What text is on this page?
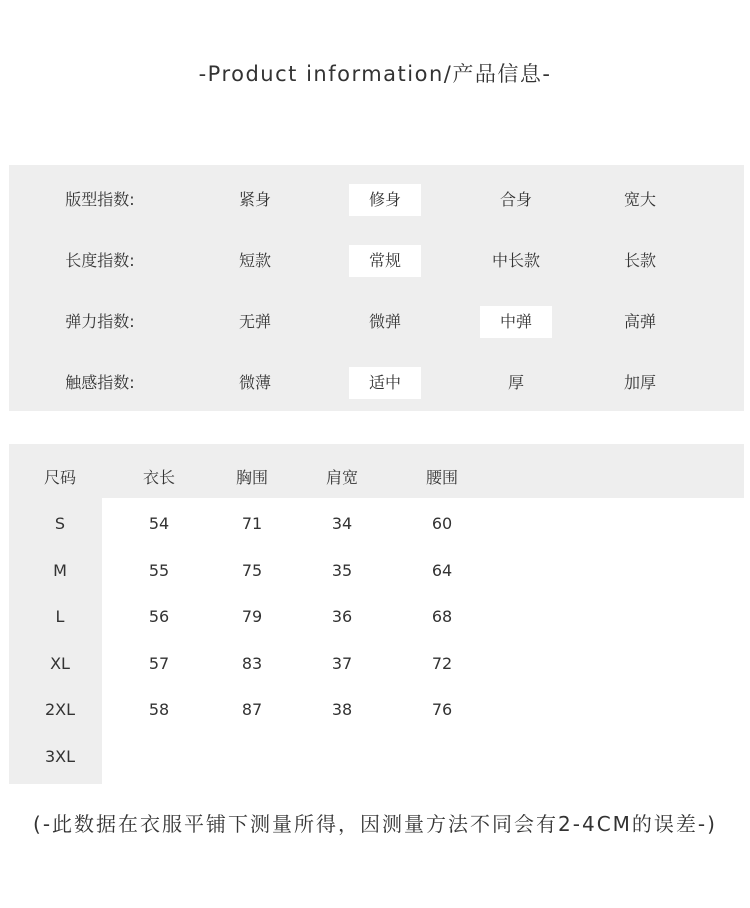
-Product information/产品信息-
版型指数:	紧身	修身	合身	宽大
长度指数:	短款	常规	中长款	长款
弹力指数:	无弹	微弹	中弹	高弹
触感指数:	微薄	适中	厚	加厚
尺码	衣长	胸围	肩宽	腰围
S	54	71	34	60
M	55	75	35	64
L	56	79	36	68
XL	57	83	37	72
2XL	58	87	38	76
3XL
(-此数据在衣服平铺下测量所得，因测量方法不同会有2-4CM的误差-)
